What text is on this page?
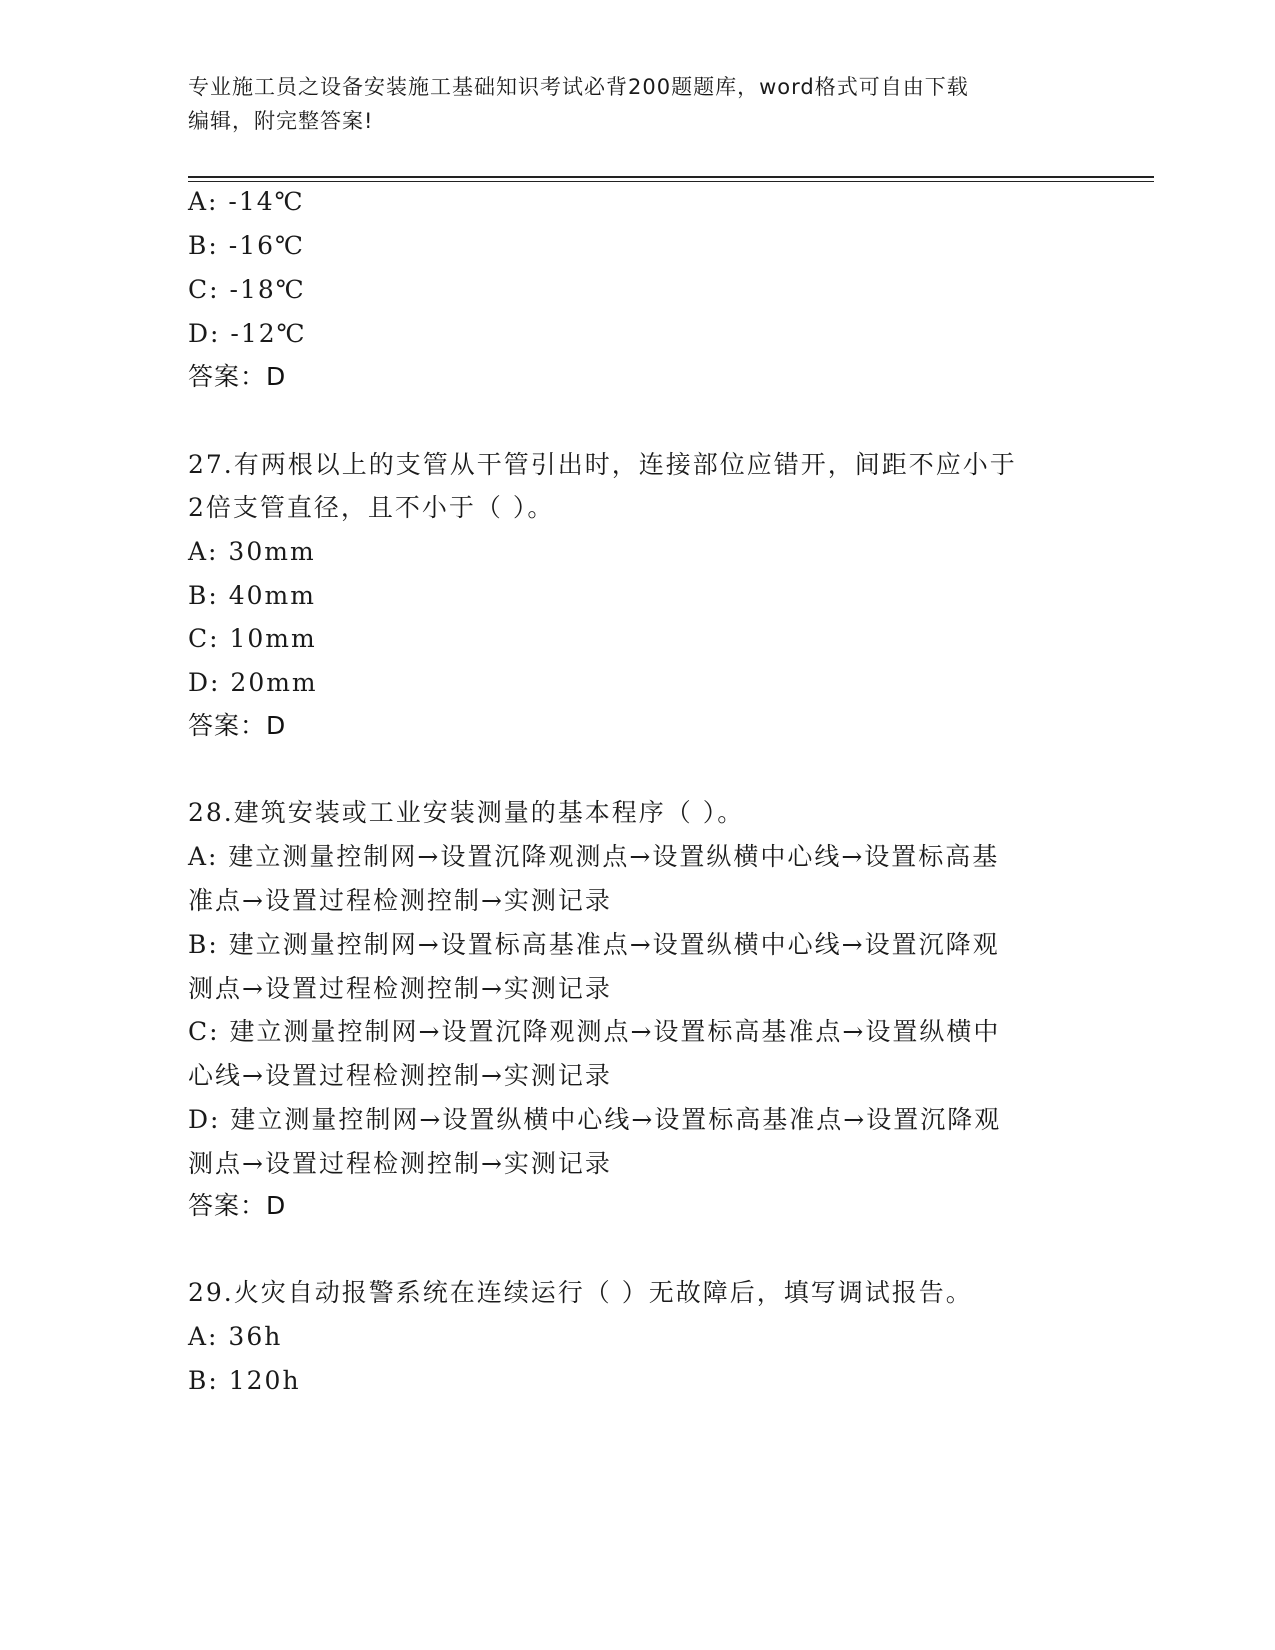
专业施工员之设备安装施工基础知识考试必背200题题库，word格式可自由下载
编辑，附完整答案!
A: -14℃
B: -16℃
C: -18℃
D: -12℃
答案：D
27.有两根以上的支管从干管引出时，连接部位应错开，间距不应小于
2倍支管直径，且不小于（ ）。
A: 30mm
B: 40mm
C: 10mm
D: 20mm
答案：D
28.建筑安装或工业安装测量的基本程序（ ）。
A: 建立测量控制网→设置沉降观测点→设置纵横中心线→设置标高基
准点→设置过程检测控制→实测记录
B: 建立测量控制网→设置标高基准点→设置纵横中心线→设置沉降观
测点→设置过程检测控制→实测记录
C: 建立测量控制网→设置沉降观测点→设置标高基准点→设置纵横中
心线→设置过程检测控制→实测记录
D: 建立测量控制网→设置纵横中心线→设置标高基准点→设置沉降观
测点→设置过程检测控制→实测记录
答案：D
29.火灾自动报警系统在连续运行（ ）无故障后，填写调试报告。
A: 36h
B: 120h
